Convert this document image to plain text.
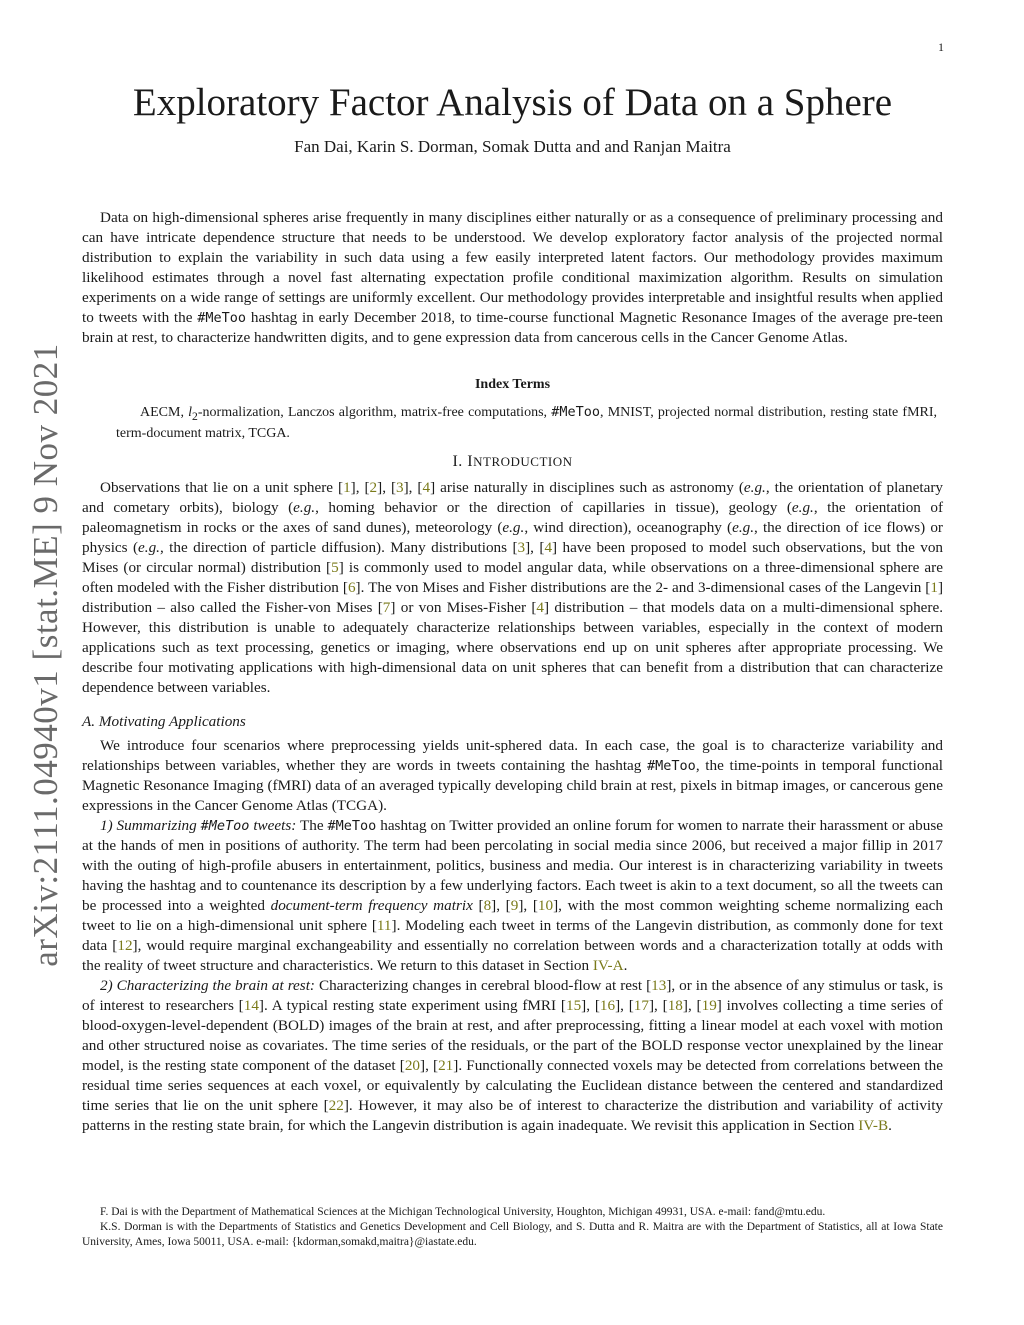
1
arXiv:2111.04940v1 [stat.ME] 9 Nov 2021
Exploratory Factor Analysis of Data on a Sphere
Fan Dai, Karin S. Dorman, Somak Dutta and and Ranjan Maitra

Data on high-dimensional spheres arise frequently in many disciplines either naturally or as a consequence of preliminary processing and can have intricate dependence structure that needs to be understood. We develop exploratory factor analysis of the projected normal distribution to explain the variability in such data using a few easily interpreted latent factors. Our methodology provides maximum likelihood estimates through a novel fast alternating expectation profile conditional maximization algorithm. Results on simulation experiments on a wide range of settings are uniformly excellent. Our methodology provides interpretable and insightful results when applied to tweets with the #MeToo hashtag in early December 2018, to time-course functional Magnetic Resonance Images of the average pre-teen brain at rest, to characterize handwritten digits, and to gene expression data from cancerous cells in the Cancer Genome Atlas.

Index Terms

AECM, $l_2$-normalization, Lanczos algorithm, matrix-free computations, #MeToo, MNIST, projected normal distribution, resting state fMRI, term-document matrix, TCGA.

I. INTRODUCTION

Observations that lie on a unit sphere [1], [2], [3], [4] arise naturally in disciplines such as astronomy (e.g., the orientation of planetary and cometary orbits), biology (e.g., homing behavior or the direction of capillaries in tissue), geology (e.g., the orientation of paleomagnetism in rocks or the axes of sand dunes), meteorology (e.g., wind direction), oceanography (e.g., the direction of ice flows) or physics (e.g., the direction of particle diffusion). Many distributions [3], [4] have been proposed to model such observations, but the von Mises (or circular normal) distribution [5] is commonly used to model angular data, while observations on a three-dimensional sphere are often modeled with the Fisher distribution [6]. The von Mises and Fisher distributions are the 2- and 3-dimensional cases of the Langevin [1] distribution – also called the Fisher-von Mises [7] or von Mises-Fisher [4] distribution – that models data on a multi-dimensional sphere. However, this distribution is unable to adequately characterize relationships between variables, especially in the context of modern applications such as text processing, genetics or imaging, where observations end up on unit spheres after appropriate processing. We describe four motivating applications with high-dimensional data on unit spheres that can benefit from a distribution that can characterize dependence between variables.

A. Motivating Applications

We introduce four scenarios where preprocessing yields unit-sphered data. In each case, the goal is to characterize variability and relationships between variables, whether they are words in tweets containing the hashtag #MeToo, the time-points in temporal functional Magnetic Resonance Imaging (fMRI) data of an averaged typically developing child brain at rest, pixels in bitmap images, or cancerous gene expressions in the Cancer Genome Atlas (TCGA).

1) Summarizing #MeToo tweets: The #MeToo hashtag on Twitter provided an online forum for women to narrate their harassment or abuse at the hands of men in positions of authority. The term had been percolating in social media since 2006, but received a major fillip in 2017 with the outing of high-profile abusers in entertainment, politics, business and media. Our interest is in characterizing variability in tweets having the hashtag and to countenance its description by a few underlying factors. Each tweet is akin to a text document, so all the tweets can be processed into a weighted document-term frequency matrix [8], [9], [10], with the most common weighting scheme normalizing each tweet to lie on a high-dimensional unit sphere [11]. Modeling each tweet in terms of the Langevin distribution, as commonly done for text data [12], would require marginal exchangeability and essentially no correlation between words and a characterization totally at odds with the reality of tweet structure and characteristics. We return to this dataset in Section IV-A.

2) Characterizing the brain at rest: Characterizing changes in cerebral blood-flow at rest [13], or in the absence of any stimulus or task, is of interest to researchers [14]. A typical resting state experiment using fMRI [15], [16], [17], [18], [19] involves collecting a time series of blood-oxygen-level-dependent (BOLD) images of the brain at rest, and after preprocessing, fitting a linear model at each voxel with motion and other structured noise as covariates. The time series of the residuals, or the part of the BOLD response vector unexplained by the linear model, is the resting state component of the dataset [20], [21]. Functionally connected voxels may be detected from correlations between the residual time series sequences at each voxel, or equivalently by calculating the Euclidean distance between the centered and standardized time series that lie on the unit sphere [22]. However, it may also be of interest to characterize the distribution and variability of activity patterns in the resting state brain, for which the Langevin distribution is again inadequate. We revisit this application in Section IV-B.

F. Dai is with the Department of Mathematical Sciences at the Michigan Technological University, Houghton, Michigan 49931, USA. e-mail: fand@mtu.edu.

K.S. Dorman is with the Departments of Statistics and Genetics Development and Cell Biology, and S. Dutta and R. Maitra are with the Department of Statistics, all at Iowa State University, Ames, Iowa 50011, USA. e-mail: {kdorman,somakd,maitra}@iastate.edu.
